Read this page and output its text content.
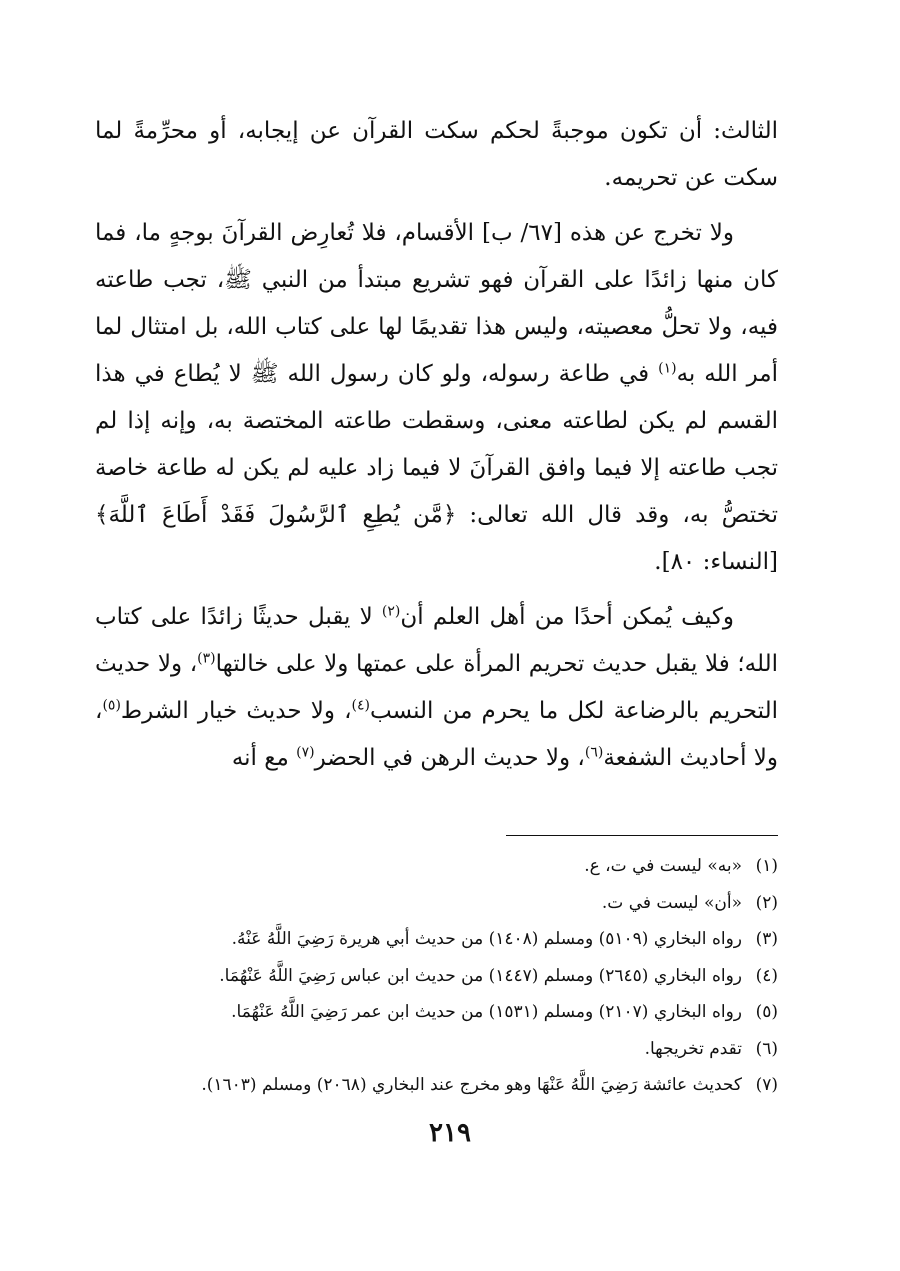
الثالث: أن تكون موجبةً لحكم سكت القرآن عن إيجابه، أو محرِّمةً لما سكت عن تحريمه.

ولا تخرج عن هذه [٦٧/ ب] الأقسام، فلا تُعارِض القرآنَ بوجهٍ ما، فما كان منها زائدًا على القرآن فهو تشريع مبتدأ من النبي ﷺ، تجب طاعته فيه، ولا تحلُّ معصيته، وليس هذا تقديمًا لها على كتاب الله، بل امتثال لما أمر الله به$^{(١)}$ في طاعة رسوله، ولو كان رسول الله ﷺ لا يُطاع في هذا القسم لم يكن لطاعته معنى، وسقطت طاعته المختصة به، وإنه إذا لم تجب طاعته إلا فيما وافق القرآنَ لا فيما زاد عليه لم يكن له طاعة خاصة تختصُّ به، وقد قال الله تعالى: ﴿مَّن يُطِعِ ٱلرَّسُولَ فَقَدْ أَطَاعَ ٱللَّهَ﴾ [النساء: ٨٠].

وكيف يُمكن أحدًا من أهل العلم أن$^{(٢)}$ لا يقبل حديثًا زائدًا على كتاب الله؛ فلا يقبل حديث تحريم المرأة على عمتها ولا على خالتها$^{(٣)}$، ولا حديث التحريم بالرضاعة لكل ما يحرم من النسب$^{(٤)}$، ولا حديث خيار الشرط$^{(٥)}$، ولا أحاديث الشفعة$^{(٦)}$، ولا حديث الرهن في الحضر$^{(٧)}$ مع أنه

(١)«به» ليست في ت، ع.
(٢)«أن» ليست في ت.
(٣)رواه البخاري (٥١٠٩) ومسلم (١٤٠٨) من حديث أبي هريرة رَضِيَ اللَّهُ عَنْهُ.
(٤)رواه البخاري (٢٦٤٥) ومسلم (١٤٤٧) من حديث ابن عباس رَضِيَ اللَّهُ عَنْهُمَا.
(٥)رواه البخاري (٢١٠٧) ومسلم (١٥٣١) من حديث ابن عمر رَضِيَ اللَّهُ عَنْهُمَا.
(٦)تقدم تخريجها.
(٧)كحديث عائشة رَضِيَ اللَّهُ عَنْهَا وهو مخرج عند البخاري (٢٠٦٨) ومسلم (١٦٠٣).
٢١٩
